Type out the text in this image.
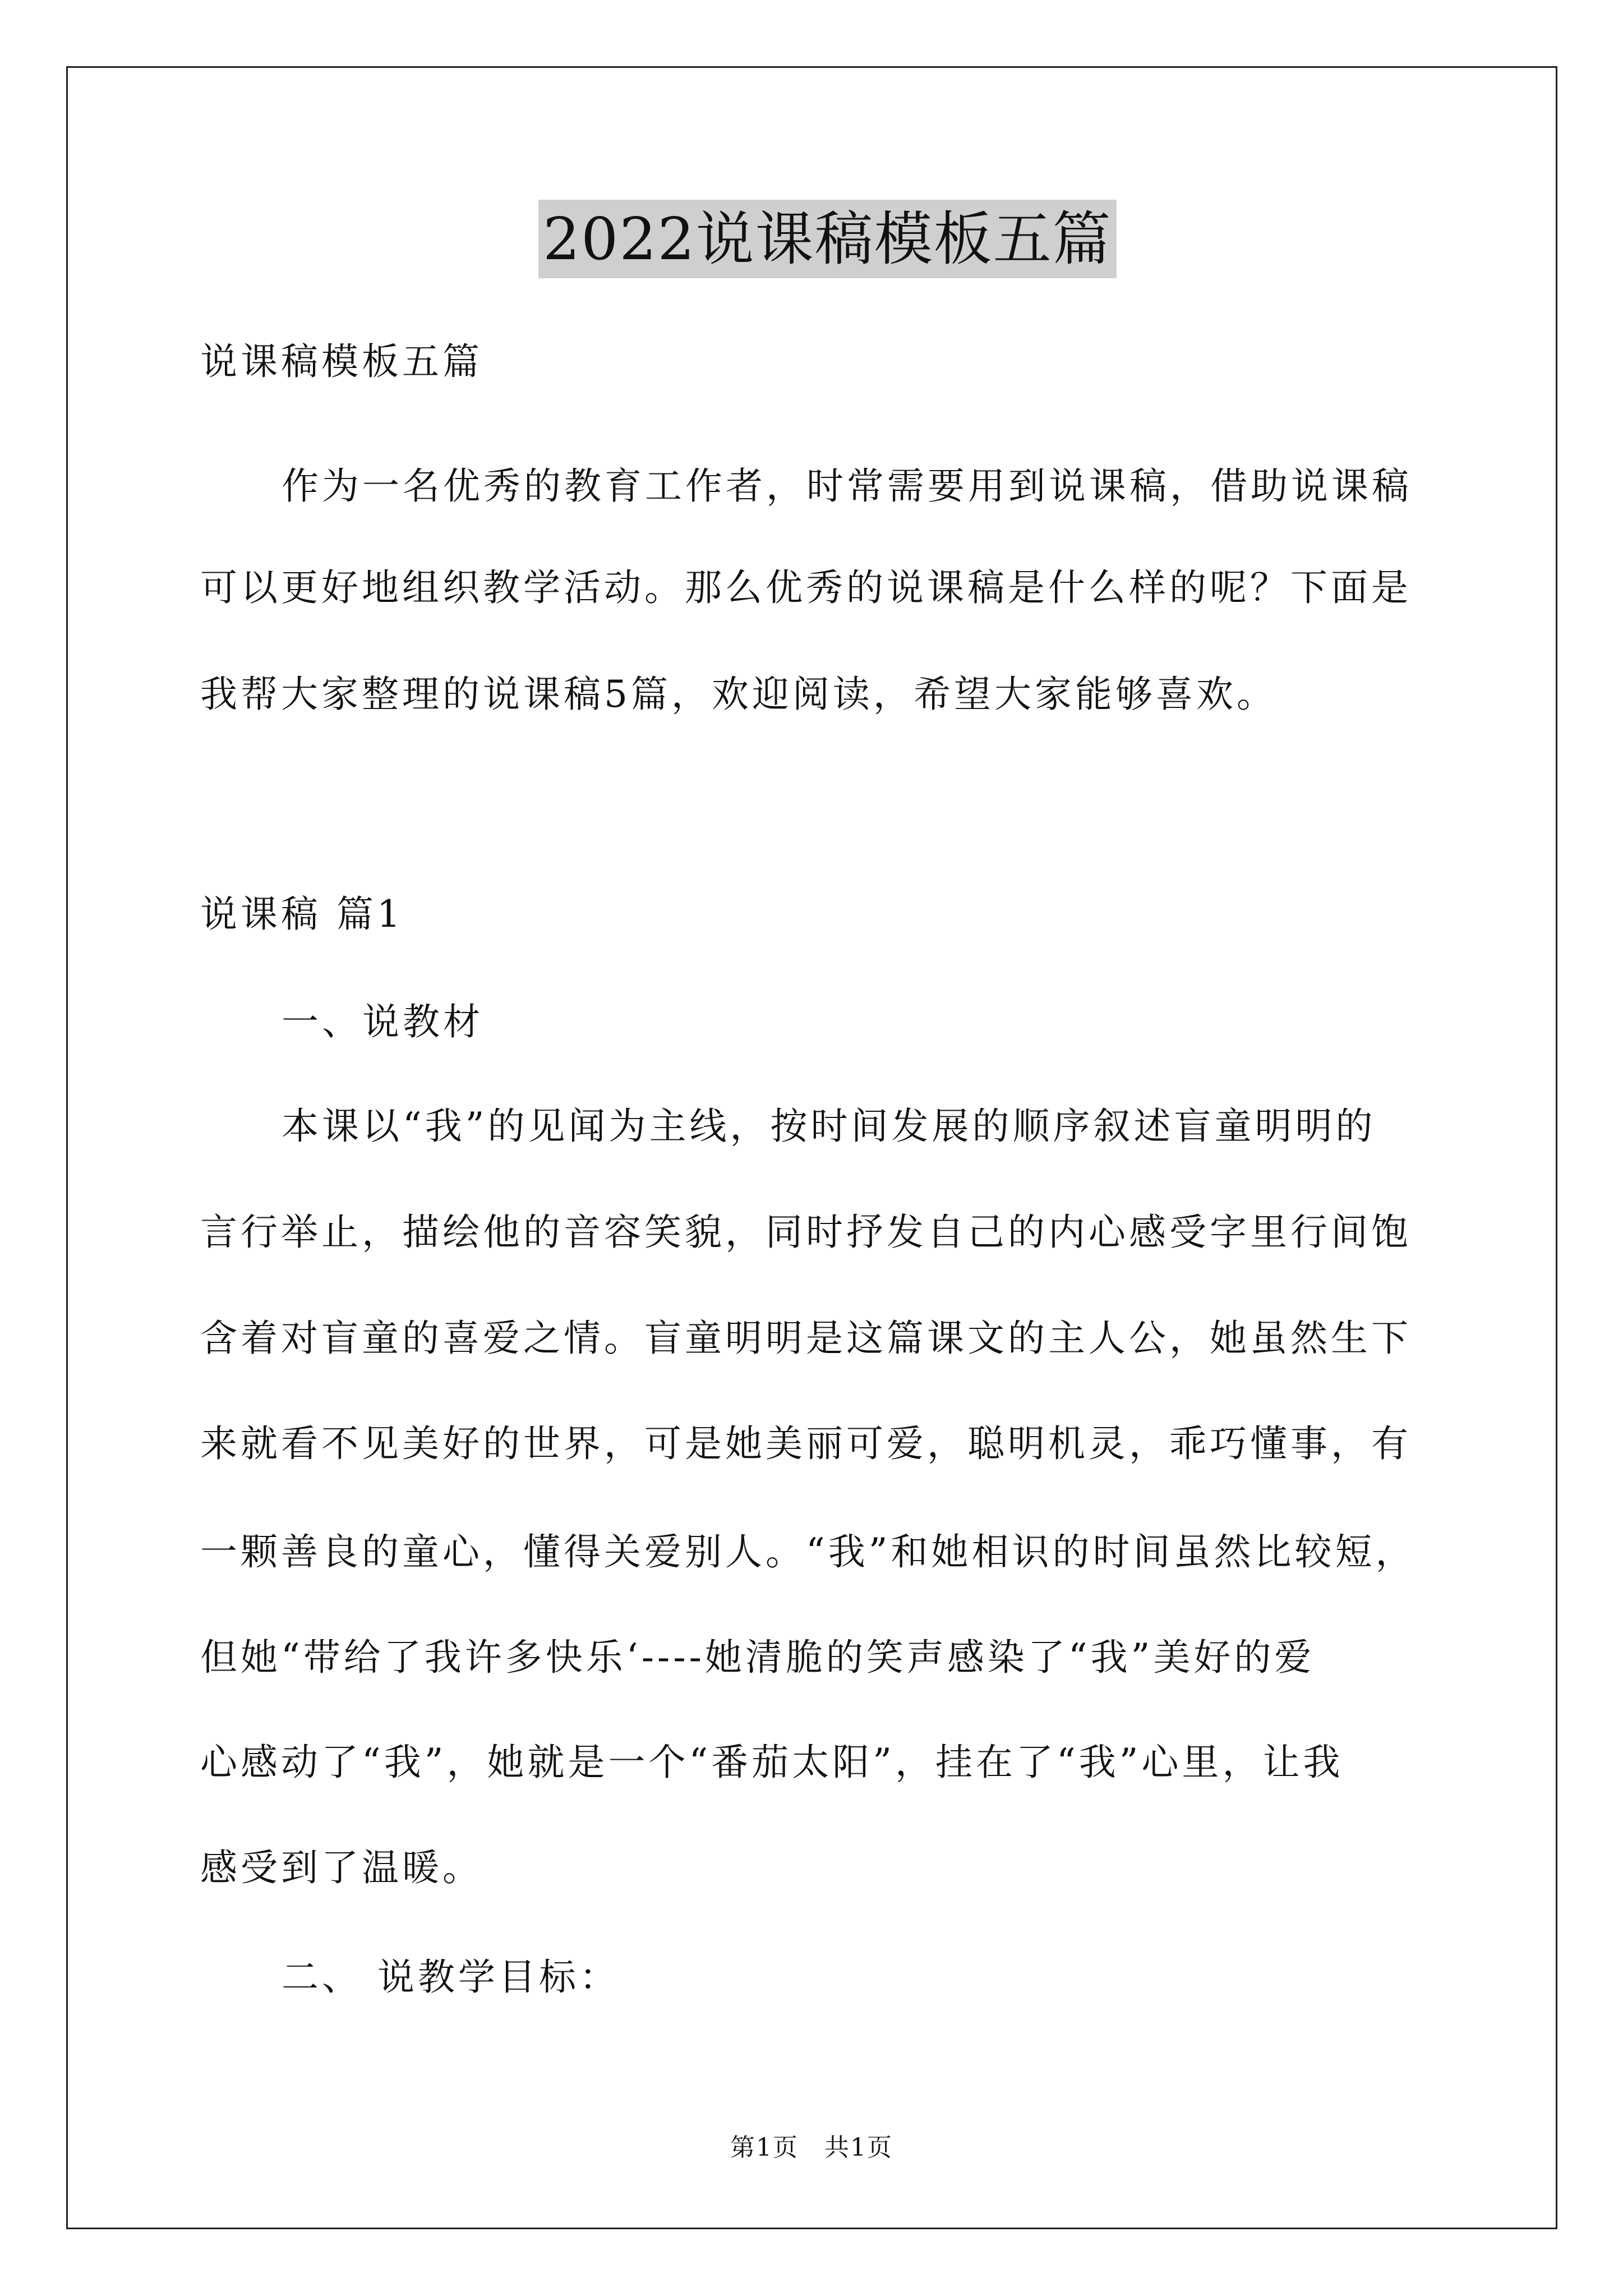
2022说课稿模板五篇
说课稿模板五篇
作为一名优秀的教育工作者，时常需要用到说课稿，借助说课稿
可以更好地组织教学活动。那么优秀的说课稿是什么样的呢？下面是
我帮大家整理的说课稿5篇，欢迎阅读，希望大家能够喜欢。
说课稿 篇1
一、说教材
本课以“我”的见闻为主线，按时间发展的顺序叙述盲童明明的
言行举止，描绘他的音容笑貌，同时抒发自己的内心感受字里行间饱
含着对盲童的喜爱之情。盲童明明是这篇课文的主人公，她虽然生下
来就看不见美好的世界，可是她美丽可爱，聪明机灵，乖巧懂事，有
一颗善良的童心，懂得关爱别人。“我”和她相识的时间虽然比较短，
但她“带给了我许多快乐‘----她清脆的笑声感染了“我”美好的爱
心感动了“我”，她就是一个“番茄太阳”，挂在了“我”心里，让我
感受到了温暖。
二、 说教学目标：
第1页　共1页
